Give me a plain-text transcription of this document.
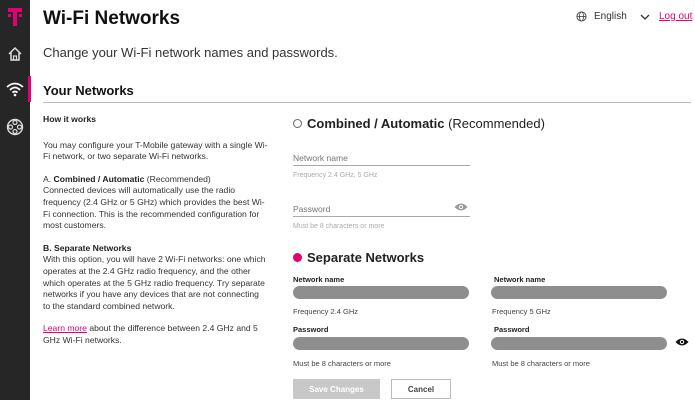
Wi-Fi Networks	English	Log out
Change your Wi-Fi network names and passwords.
Your Networks
How it works

You may configure your T-Mobile gateway with a single Wi-Fi network, or two separate Wi-Fi networks.

A. Combined / Automatic (Recommended)
Connected devices will automatically use the radio frequency (2.4 GHz or 5 GHz) which provides the best Wi-Fi connection. This is the recommended configuration for most customers.

B. Separate Networks
With this option, you will have 2 Wi-Fi networks: one which operates at the 2.4 GHz radio frequency, and the other which operates at the 5 GHz radio frequency. Try separate networks if you have any devices that are not connecting to the standard combined network.

Learn more about the difference between 2.4 GHz and 5 GHz Wi-Fi networks.

Combined / Automatic (Recommended)
Network name
Frequency 2.4 GHz, 5 GHz
Password
Must be 8 characters or more
Separate Networks
Network name
Frequency 2.4 GHz
Password
Must be 8 characters or more
Network name
Frequency 5 GHz
Password
Must be 8 characters or more
Save Changes	Cancel
